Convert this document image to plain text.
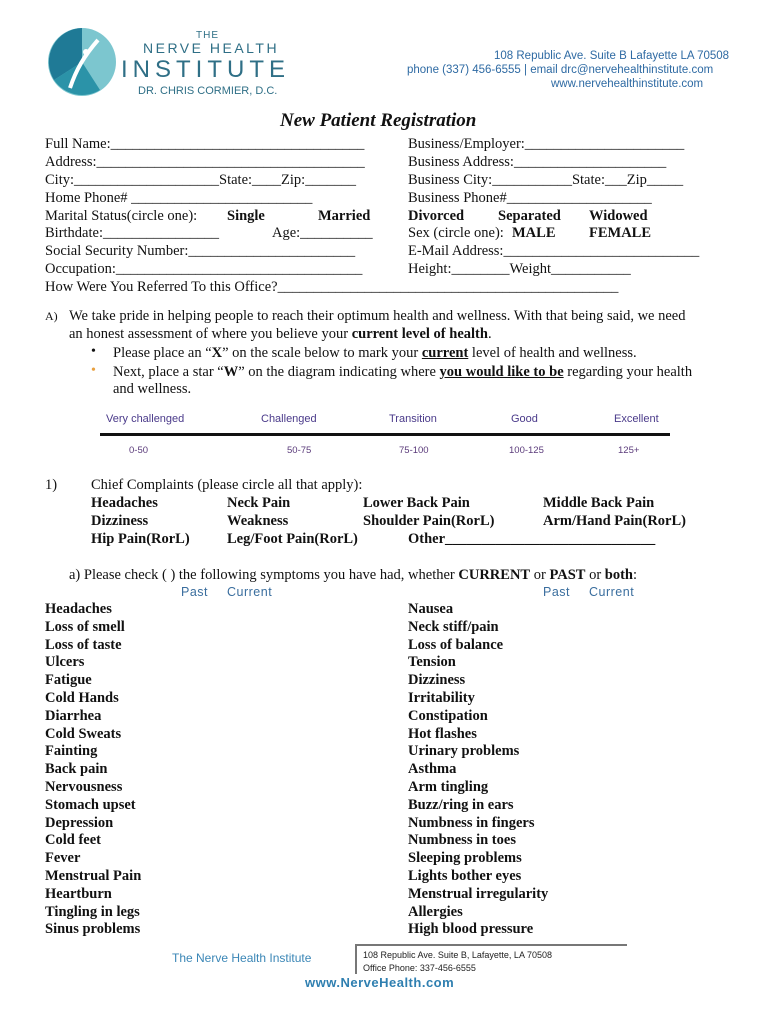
THE
NERVE HEALTH
INSTITUTE
DR. CHRIS CORMIER, D.C.
108 Republic Ave. Suite B Lafayette LA 70508
phone (337) 456-6555 | email drc@nervehealthinstitute.com
www.nervehealthinstitute.com
New Patient Registration
Full Name:___________________________________
Address:_____________________________________
City:____________________State:____Zip:_______
Home Phone# _________________________
Marital Status(circle one): Single	Married
Birthdate:________________	Age:__________
Social Security Number:_______________________
Occupation:__________________________________
How Were You Referred To this Office?_______________________________________________
Business/Employer:______________________
Business Address:_____________________
Business City:___________State:___Zip_____
Business Phone#____________________
Divorced Separated Widowed
Sex (circle one): MALE FEMALE
E-Mail Address:___________________________
Height:________Weight___________
A) We take pride in helping people to reach their optimum health and wellness. With that being said, we need
an honest assessment of where you believe your current level of health.
• Please place an “X” on the scale below to mark your current level of health and wellness.
• Next, place a star “W” on the diagram indicating where you would like to be regarding your health
and wellness.
Very challenged	Challenged	Transition	Good	Excellent
0-50	50-75	75-100	100-125	125+
1) Chief Complaints (please circle all that apply):
Headaches	Neck Pain	Lower Back Pain	Middle Back Pain
Dizziness	Weakness	Shoulder Pain(RorL)	Arm/Hand Pain(RorL)
Hip Pain(RorL)	Leg/Foot Pain(RorL)	Other_____________________________
a) Please check ( ) the following symptoms you have had, whether CURRENT or PAST or both:
Past Current	Past Current
Headaches
Loss of smell
Loss of taste
Ulcers
Fatigue
Cold Hands
Diarrhea
Cold Sweats
Fainting
Back pain
Nervousness
Stomach upset
Depression
Cold feet
Fever
Menstrual Pain
Heartburn
Tingling in legs
Sinus problems
Nausea
Neck stiff/pain
Loss of balance
Tension
Dizziness
Irritability
Constipation
Hot flashes
Urinary problems
Asthma
Arm tingling
Buzz/ring in ears
Numbness in fingers
Numbness in toes
Sleeping problems
Lights bother eyes
Menstrual irregularity
Allergies
High blood pressure
The Nerve Health Institute	108 Republic Ave. Suite B, Lafayette, LA 70508
Office Phone: 337-456-6555
www.NerveHealth.com
